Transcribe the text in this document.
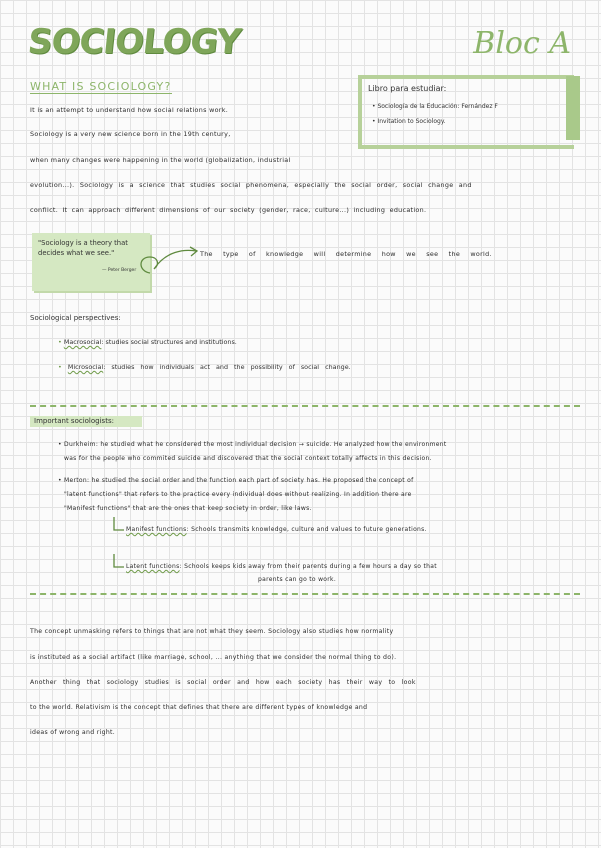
SOCIOLOGY	Bloc A
WHAT IS SOCIOLOGY?	Libro para estudiar:
• Sociología de la Educación: Fernández F
• Invitation to Sociology.
It is an attempt to understand how social relations work.
Sociology is a very new science born in the 19th century,
when many changes were happening in the world (globalization, industrial
evolution...). Sociology is a science that studies social phenomena, especially the social order, social change and
conflict. It can approach different dimensions of our society (gender, race, culture...) including education.
"Sociology is a theory that decides what we see."
— Peter Berger
The type of knowledge will determine how we see the world.
Sociological perspectives:
• Macrosocial: studies social structures and institutions.
• Microsocial: studies how individuals act and the possibility of social change.
Important sociologists:
• Durkheim: he studied what he considered the most individual decision → suicide. He analyzed how the environment
was for the people who commited suicide and discovered that the social context totally affects in this decision.
• Merton: he studied the social order and the function each part of society has. He proposed the concept of
"latent functions" that refers to the practice every individual does without realizing. In addition there are
"Manifest functions" that are the ones that keep society in order, like laws.
Manifest functions: Schools transmits knowledge, culture and values to future generations.
Latent functions: Schools keeps kids away from their parents during a few hours a day so that
parents can go to work.
The concept unmasking refers to things that are not what they seem. Sociology also studies how normality
is instituted as a social artifact (like marriage, school, ... anything that we consider the normal thing to do).
Another thing that sociology studies is social order and how each society has their way to look
to the world. Relativism is the concept that defines that there are different types of knowledge and
ideas of wrong and right.
